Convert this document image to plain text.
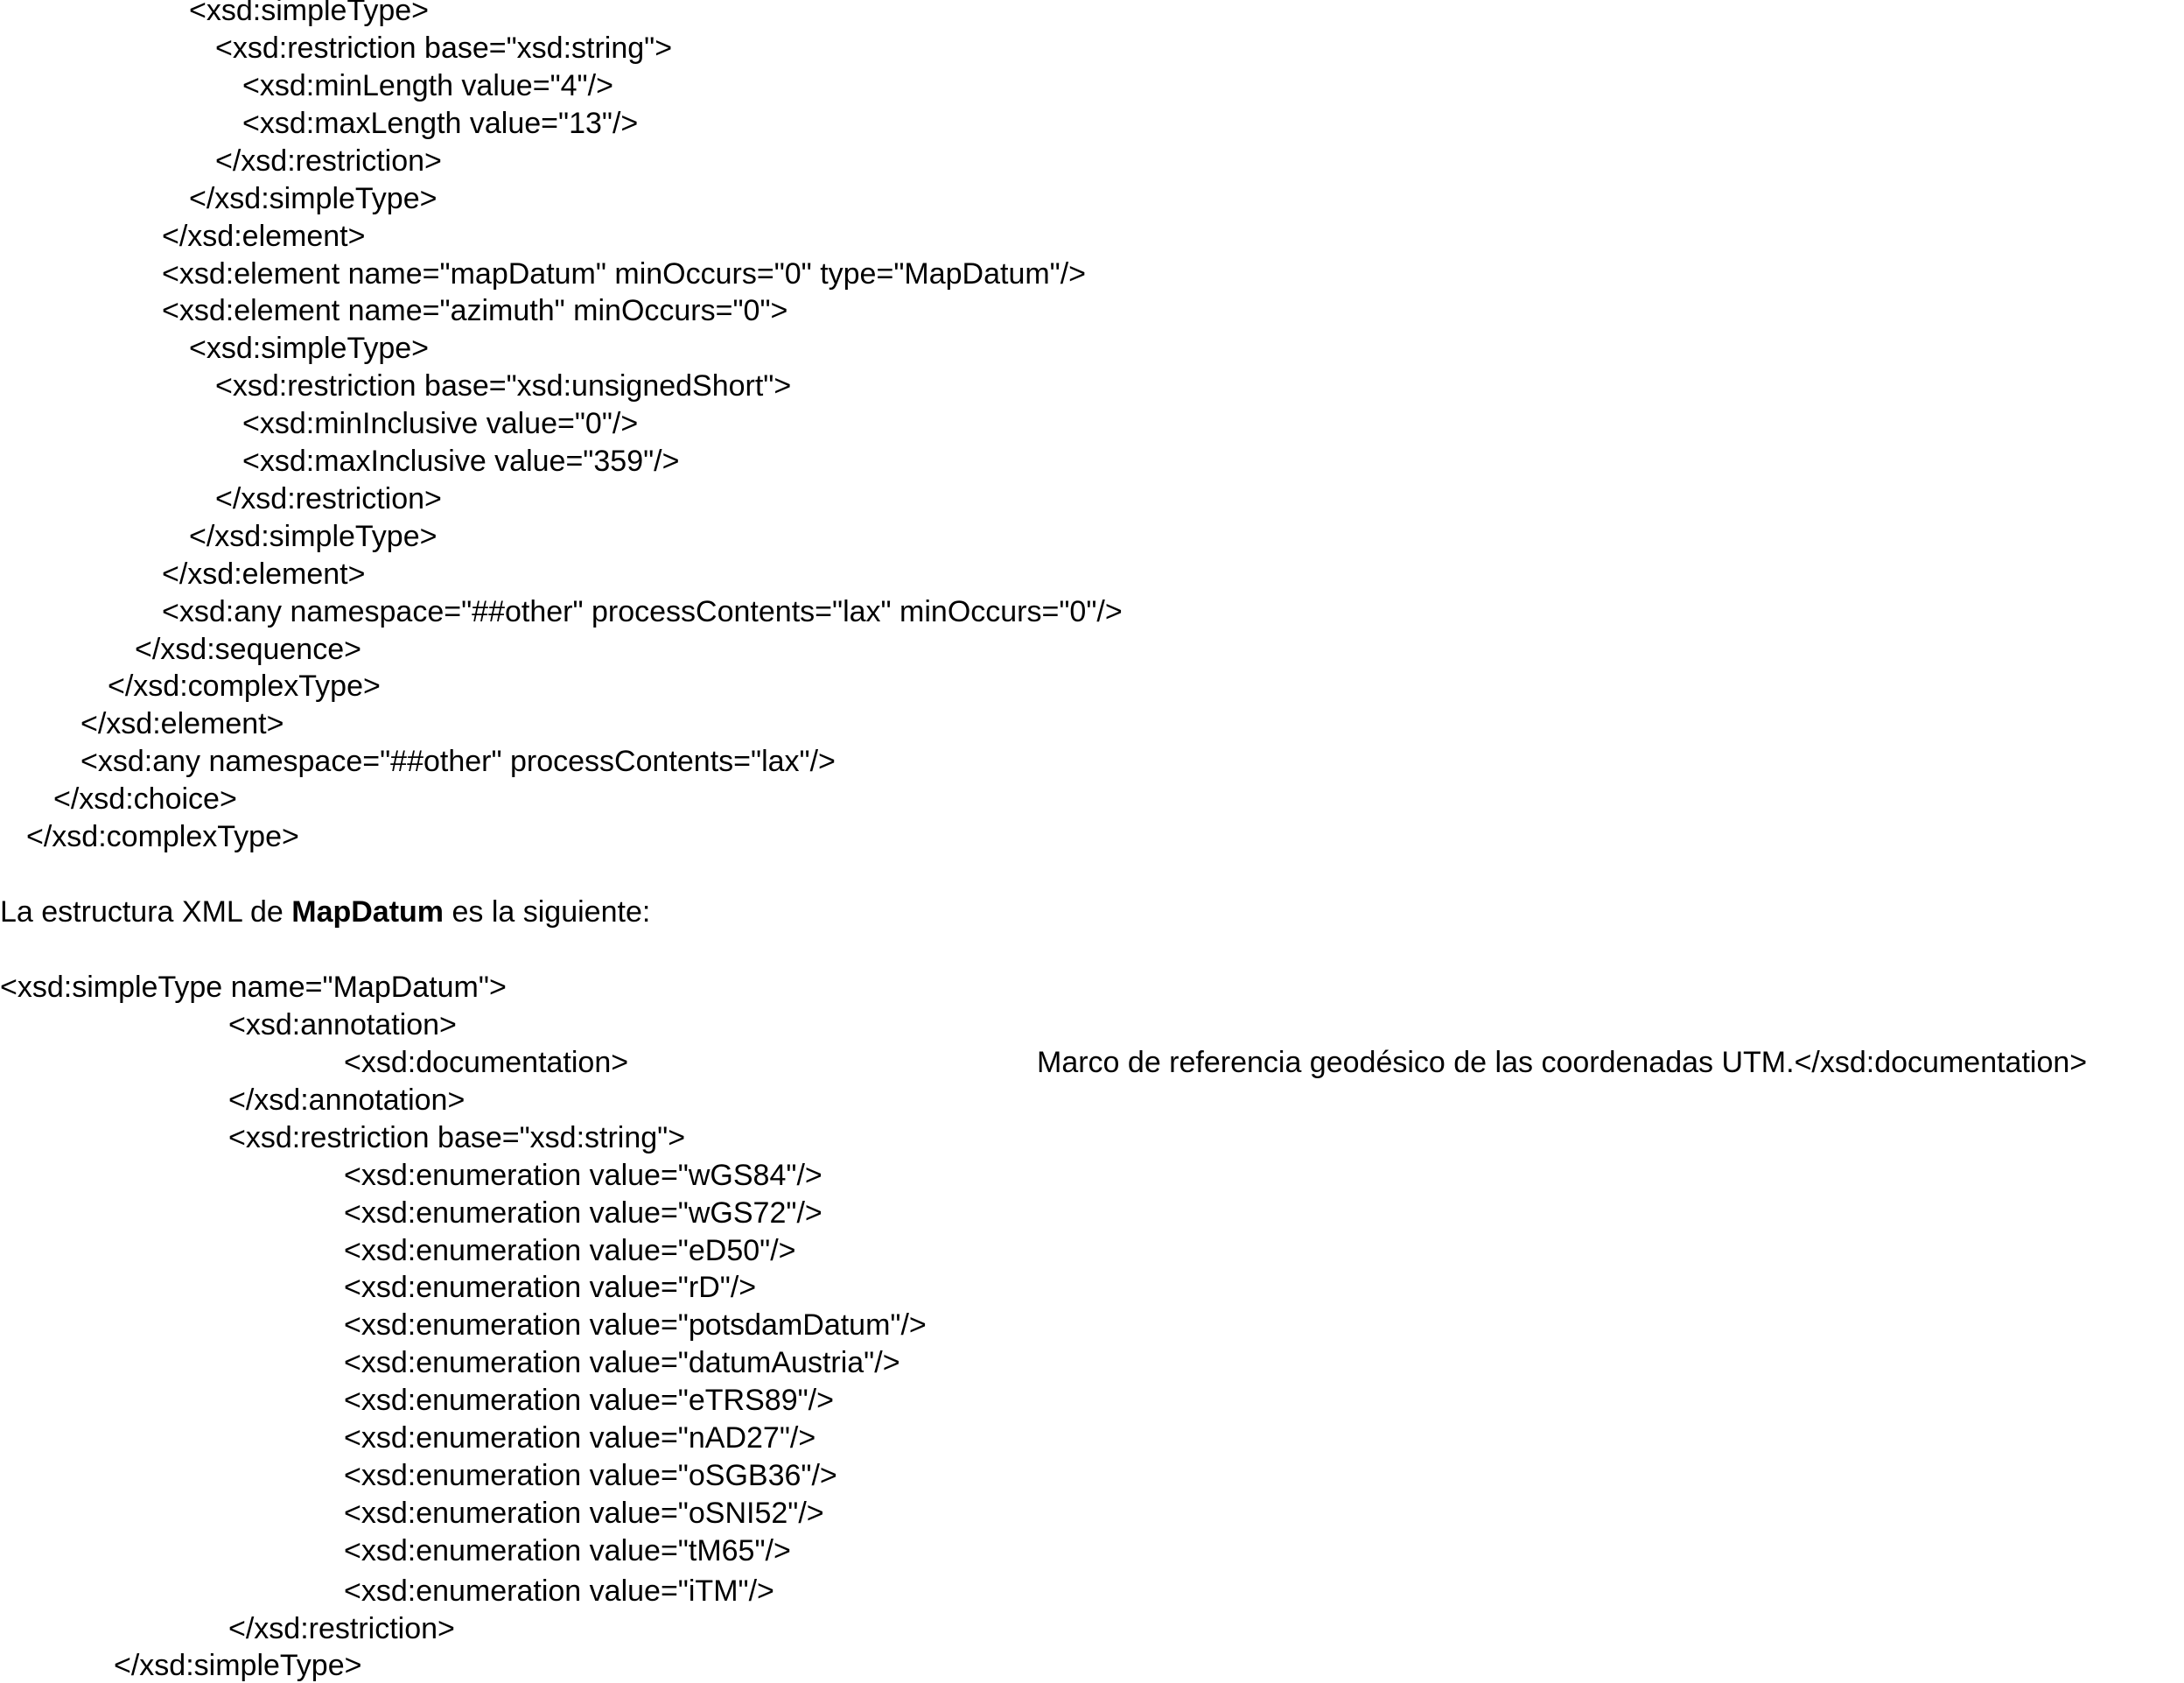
<xsd:simpleType>

<xsd:restriction base="xsd:string">

<xsd:minLength value="4"/>

<xsd:maxLength value="13"/>

</xsd:restriction>

</xsd:simpleType>

</xsd:element>

<xsd:element name="mapDatum" minOccurs="0" type="MapDatum"/>

<xsd:element name="azimuth" minOccurs="0">

<xsd:simpleType>

<xsd:restriction base="xsd:unsignedShort">

<xsd:minInclusive value="0"/>

<xsd:maxInclusive value="359"/>

</xsd:restriction>

</xsd:simpleType>

</xsd:element>

<xsd:any namespace="##other" processContents="lax" minOccurs="0"/>

</xsd:sequence>

</xsd:complexType>

</xsd:element>

<xsd:any namespace="##other" processContents="lax"/>

</xsd:choice>

</xsd:complexType>

La estructura XML de MapDatum es la siguiente:

<xsd:simpleType name="MapDatum">

<xsd:annotation>

<xsd:documentation>	Marco de referencia geodésico de las coordenadas UTM.</xsd:documentation>

</xsd:annotation>

<xsd:restriction base="xsd:string">

<xsd:enumeration value="wGS84"/>

<xsd:enumeration value="wGS72"/>

<xsd:enumeration value="eD50"/>

<xsd:enumeration value="rD"/>

<xsd:enumeration value="potsdamDatum"/>

<xsd:enumeration value="datumAustria"/>

<xsd:enumeration value="eTRS89"/>

<xsd:enumeration value="nAD27"/>

<xsd:enumeration value="oSGB36"/>

<xsd:enumeration value="oSNI52"/>

<xsd:enumeration value="tM65"/>

<xsd:enumeration value="iTM"/>

</xsd:restriction>

</xsd:simpleType>
